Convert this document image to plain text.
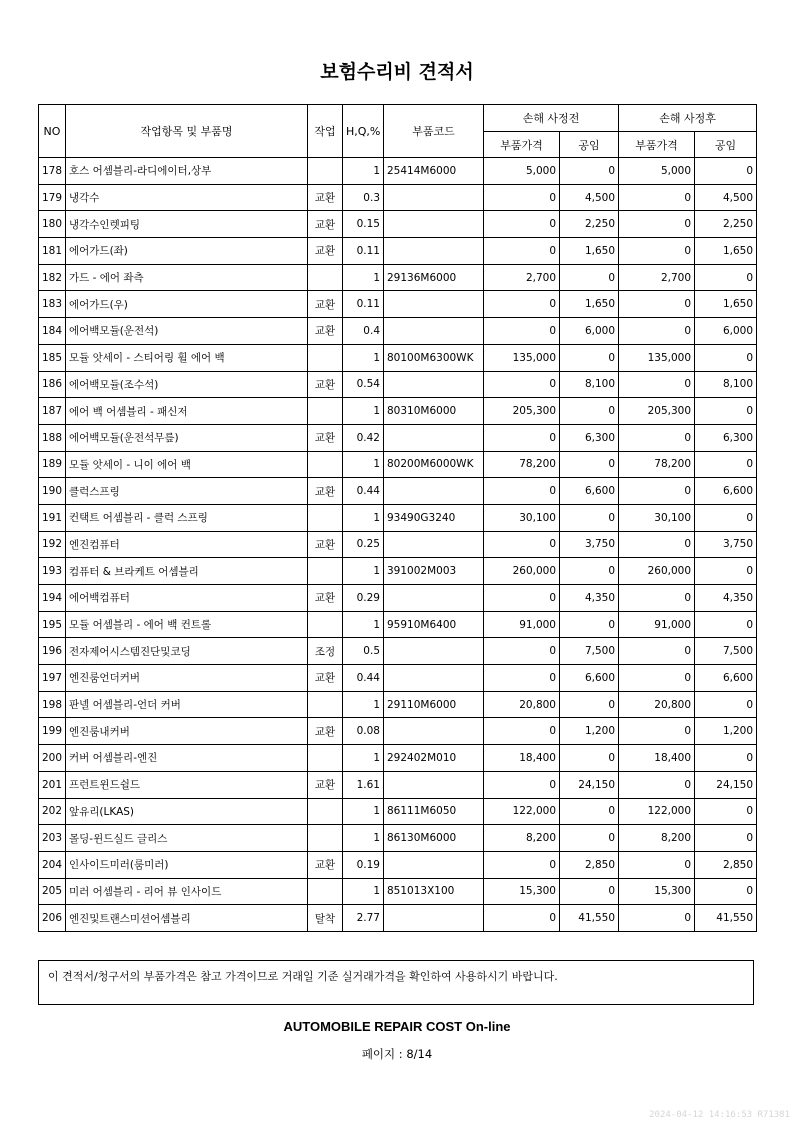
보험수리비 견적서
NO	작업항목 및 부품명	작업	H,Q,%	부품코드	손해 사정전		손해 사정후	
					부품가격	공임	부품가격	공임
178	호스 어셈블리-라디에이터,상부		1	25414M6000	5,000	0	5,000	0
179	냉각수	교환	0.3		0	4,500	0	4,500
180	냉각수인렛피팅	교환	0.15		0	2,250	0	2,250
181	에어가드(좌)	교환	0.11		0	1,650	0	1,650
182	가드 - 에어 좌측		1	29136M6000	2,700	0	2,700	0
183	에어가드(우)	교환	0.11		0	1,650	0	1,650
184	에어백모듈(운전석)	교환	0.4		0	6,000	0	6,000
185	모듈 앗세이 - 스티어링 휠 에어 백		1	80100M6300WK	135,000	0	135,000	0
186	에어백모듈(조수석)	교환	0.54		0	8,100	0	8,100
187	에어 백 어셈블리 - 패신저		1	80310M6000	205,300	0	205,300	0
188	에어백모듈(운전석무릎)	교환	0.42		0	6,300	0	6,300
189	모듈 앗세이 - 니이 에어 백		1	80200M6000WK	78,200	0	78,200	0
190	클럭스프링	교환	0.44		0	6,600	0	6,600
191	컨택트 어셈블리 - 클럭 스프링		1	93490G3240	30,100	0	30,100	0
192	엔진컴퓨터	교환	0.25		0	3,750	0	3,750
193	컴퓨터 & 브라케트 어셈블리		1	391002M003	260,000	0	260,000	0
194	에어백컴퓨터	교환	0.29		0	4,350	0	4,350
195	모듈 어셈블리 - 에어 백 컨트롤		1	95910M6400	91,000	0	91,000	0
196	전자제어시스템진단및코딩	조정	0.5		0	7,500	0	7,500
197	엔진룸언더커버	교환	0.44		0	6,600	0	6,600
198	판넬 어셈블리-언더 커버		1	29110M6000	20,800	0	20,800	0
199	엔진룸내커버	교환	0.08		0	1,200	0	1,200
200	커버 어셈블리-엔진		1	292402M010	18,400	0	18,400	0
201	프런트윈드쉴드	교환	1.61		0	24,150	0	24,150
202	앞유리(LKAS)		1	86111M6050	122,000	0	122,000	0
203	몰딩-윈드실드 글리스		1	86130M6000	8,200	0	8,200	0
204	인사이드미러(룸미러)	교환	0.19		0	2,850	0	2,850
205	미러 어셈블리 - 리어 뷰 인사이드		1	851013X100	15,300	0	15,300	0
206	엔진및트랜스미션어셈블리	탈착	2.77		0	41,550	0	41,550
이 견적서/청구서의 부품가격은 참고 가격이므로 거래일 기준 실거래가격을 확인하여 사용하시기 바랍니다.
AUTOMOBILE REPAIR COST On-line
페이지 : 8/14
2024-04-12 14:16:53 R71381
